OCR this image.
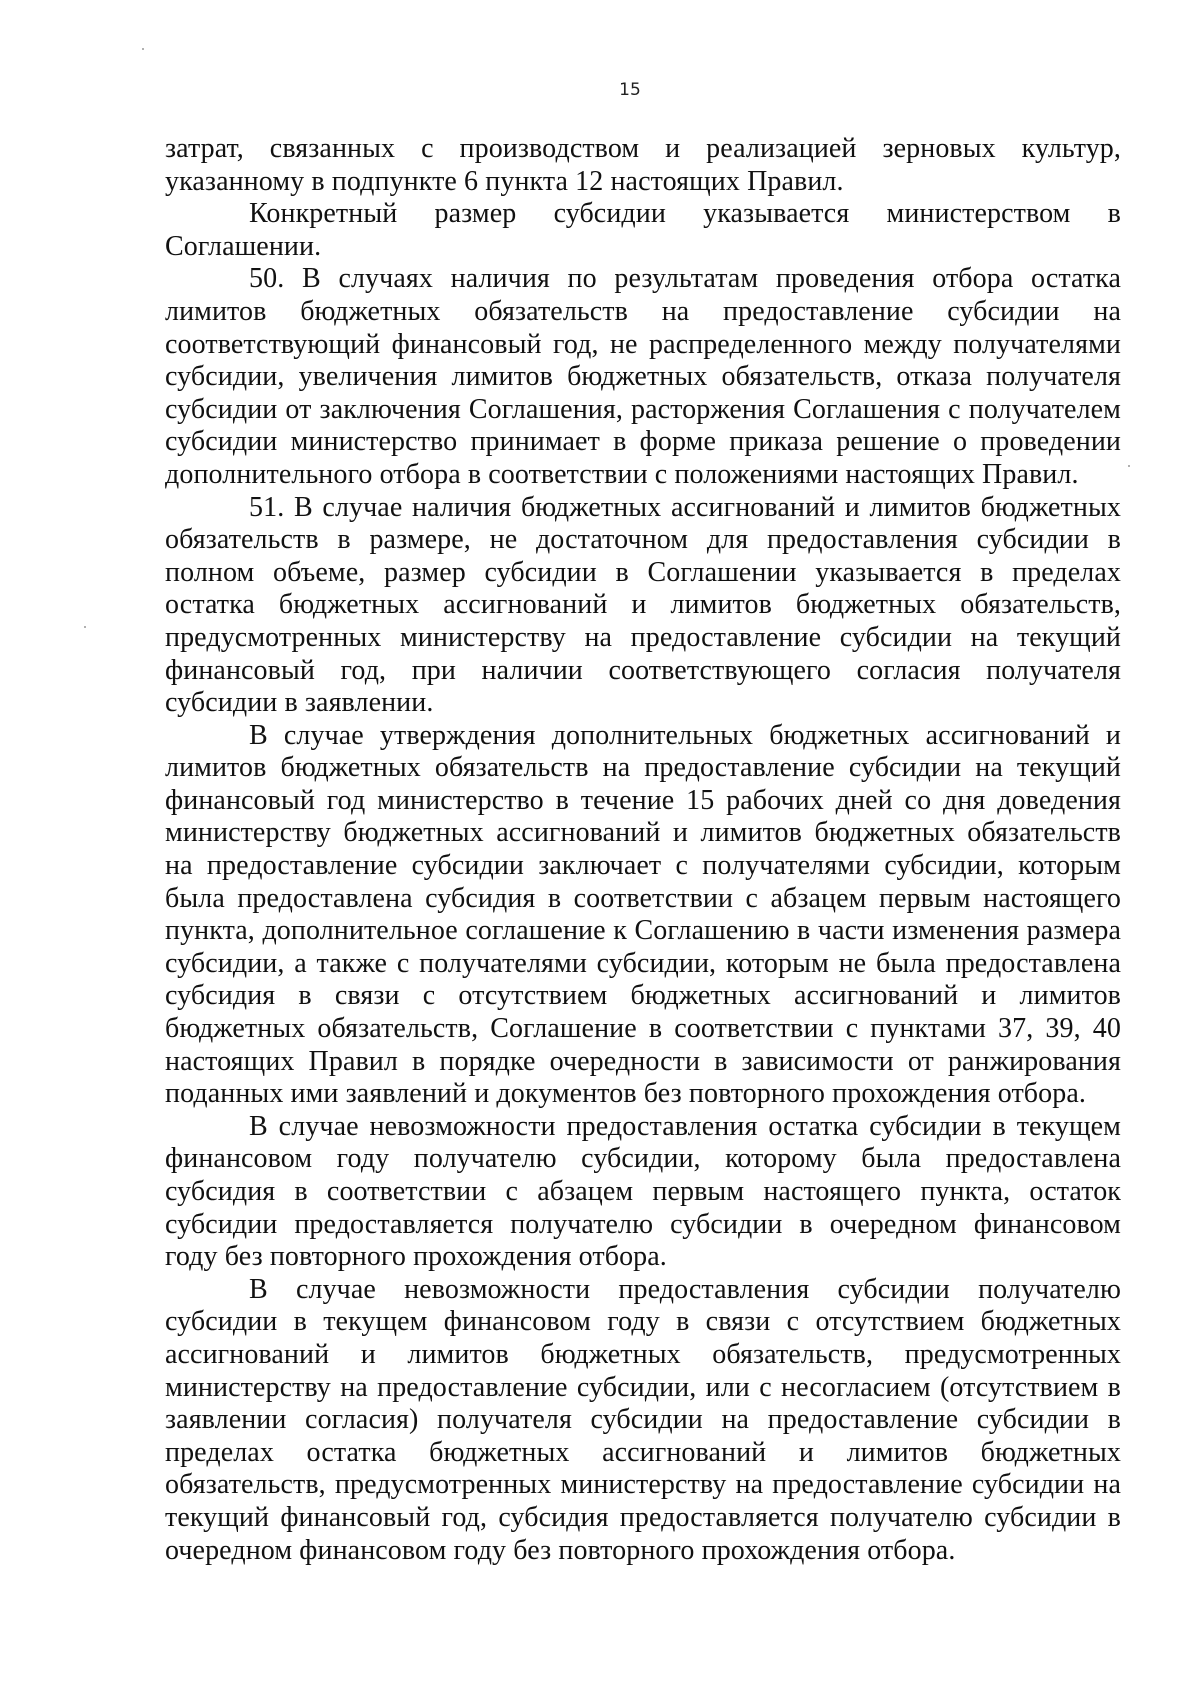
15

затрат, связанных с производством и реализацией зерновых культур, указанному в подпункте 6 пункта 12 настоящих Правил.

Конкретный размер субсидии указывается министерством в Соглашении.

50. В случаях наличия по результатам проведения отбора остатка лимитов бюджетных обязательств на предоставление субсидии на соответствующий финансовый год, не распределенного между получателями субсидии, увеличения лимитов бюджетных обязательств, отказа получателя субсидии от заключения Соглашения, расторжения Соглашения с получателем субсидии министерство принимает в форме приказа решение о проведении дополнительного отбора в соответствии с положениями настоящих Правил.

51. В случае наличия бюджетных ассигнований и лимитов бюджетных обязательств в размере, не достаточном для предоставления субсидии в полном объеме, размер субсидии в Соглашении указывается в пределах остатка бюджетных ассигнований и лимитов бюджетных обязательств, предусмотренных министерству на предоставление субсидии на текущий финансовый год, при наличии соответствующего согласия получателя субсидии в заявлении.

В случае утверждения дополнительных бюджетных ассигнований и лимитов бюджетных обязательств на предоставление субсидии на текущий финансовый год министерство в течение 15 рабочих дней со дня доведения министерству бюджетных ассигнований и лимитов бюджетных обязательств на предоставление субсидии заключает с получателями субсидии, которым была предоставлена субсидия в соответствии с абзацем первым настоящего пункта, дополнительное соглашение к Соглашению в части изменения размера субсидии, а также с получателями субсидии, которым не была предоставлена субсидия в связи с отсутствием бюджетных ассигнований и лимитов бюджетных обязательств, Соглашение в соответствии с пунктами 37, 39, 40 настоящих Правил в порядке очередности в зависимости от ранжирования поданных ими заявлений и документов без повторного прохождения отбора.

В случае невозможности предоставления остатка субсидии в текущем финансовом году получателю субсидии, которому была предоставлена субсидия в соответствии с абзацем первым настоящего пункта, остаток субсидии предоставляется получателю субсидии в очередном финансовом году без повторного прохождения отбора.

В случае невозможности предоставления субсидии получателю субсидии в текущем финансовом году в связи с отсутствием бюджетных ассигнований и лимитов бюджетных обязательств, предусмотренных министерству на предоставление субсидии, или с несогласием (отсутствием в заявлении согласия) получателя субсидии на предоставление субсидии в пределах остатка бюджетных ассигнований и лимитов бюджетных обязательств, предусмотренных министерству на предоставление субсидии на текущий финансовый год, субсидия предоставляется получателю субсидии в очередном финансовом году без повторного прохождения отбора.
